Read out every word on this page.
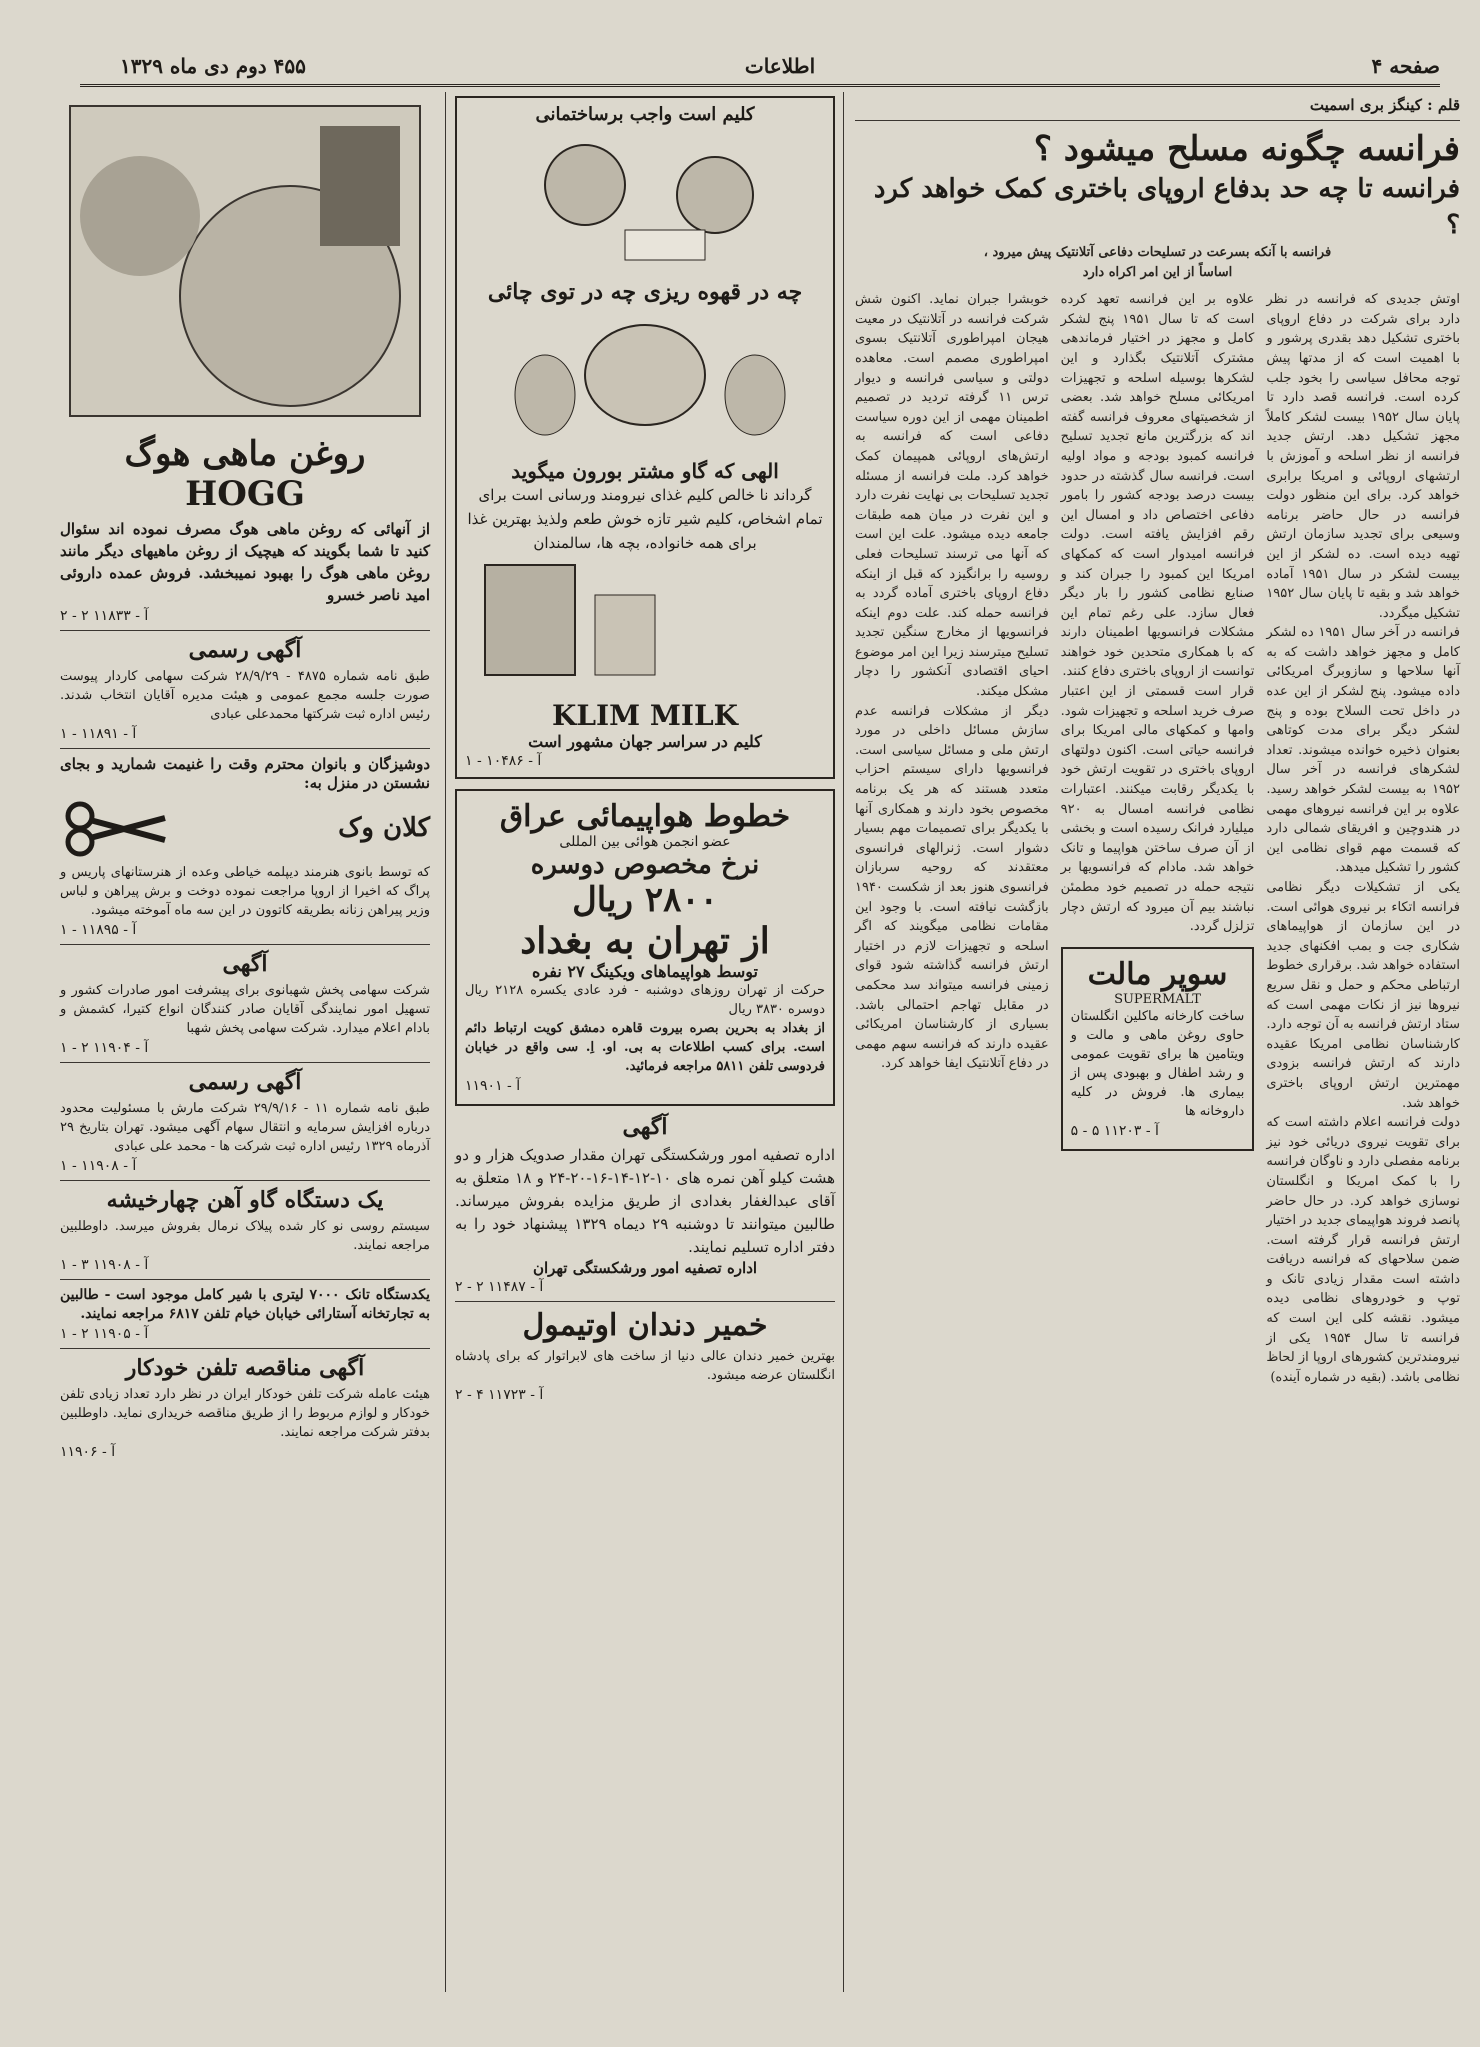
۴۵۵ دوم دی ماه ۱۳۲۹	اطلاعات	صفحه ۴
روغن ماهی هوگ HOGG
از آنهائی که روغن ماهی هوگ مصرف نموده اند سئوال کنید تا شما بگویند که هیچیک از روغن ماهیهای دیگر مانند روغن ماهی هوگ را بهبود نمیبخشد. فروش عمده داروئی امید ناصر خسرو
آ - ۱۱۸۳۳ ۲ - ۲
آگهی رسمی
طبق نامه شماره ۴۸۷۵ - ۲۸/۹/۲۹ شرکت سهامی کاردار پیوست صورت جلسه مجمع عمومی و هیئت مدیره آقایان انتخاب شدند. رئیس اداره ثبت شرکتها محمدعلی عبادی
آ - ۱۱۸۹۱ - ۱
دوشیزگان و بانوان محترم وقت را غنیمت شمارید و بجای نشستن در منزل به:
کلان وک
که توسط بانوی هنرمند دیپلمه خیاطی وعده از هنرستانهای پاریس و پراگ که اخیرا از اروپا مراجعت نموده دوخت و برش پیراهن و لباس وزیر پیراهن زنانه بطریقه کاتوون در این سه ماه آموخته میشود.
آ - ۱۱۸۹۵ - ۱
آگهی
شرکت سهامی پخش شهبانوی برای پیشرفت امور صادرات کشور و تسهیل امور نمایندگی آقایان صادر کنندگان انواع کتیرا، کشمش و بادام اعلام میدارد. شرکت سهامی پخش شهبا
آ - ۱۱۹۰۴ ۲ - ۱
آگهی رسمی
طبق نامه شماره ۱۱ - ۲۹/۹/۱۶ شرکت مارش با مسئولیت محدود درباره افزایش سرمایه و انتقال سهام آگهی میشود. تهران بتاریخ ۲۹ آذرماه ۱۳۲۹ رئیس اداره ثبت شرکت ها - محمد علی عبادی
آ - ۱۱۹۰۸ - ۱
یک دستگاه گاو آهن چهارخیشه
سیستم روسی نو کار شده پیلاک نرمال بفروش میرسد. داوطلبین مراجعه نمایند.
آ - ۱۱۹۰۸ ۳ - ۱
یکدستگاه تانک ۷۰۰۰ لیتری با شیر کامل موجود است - طالبین به تجارتخانه آستارائی خیابان خیام تلفن ۶۸۱۷ مراجعه نمایند.
آ - ۱۱۹۰۵ ۲ - ۱
آگهی مناقصه تلفن خودکار
هیئت عامله شرکت تلفن خودکار ایران در نظر دارد تعداد زیادی تلفن خودکار و لوازم مربوط را از طریق مناقصه خریداری نماید. داوطلبین بدفتر شرکت مراجعه نمایند.
آ - ۱۱۹۰۶
کلیم است واجب برساختمانی
چه در قهوه ریزی چه در توی چائی
الهی که گاو مشتر بورون میگوید
گرداند نا خالص کلیم غذای نیرومند ورسانی است برای تمام اشخاص، کلیم شیر تازه خوش طعم ولذیذ بهترین غذا برای همه خانواده، بچه ها، سالمندان
KLIM MILK
کلیم در سراسر جهان مشهور است
آ - ۱۰۴۸۶ - ۱
خطوط هواپیمائی عراق
عضو انجمن هوائی بین المللی
نرخ مخصوص دوسره
۲۸۰۰ ریال
از تهران به بغداد
توسط هواپیماهای ویکینگ ۲۷ نفره
حرکت از تهران روزهای دوشنبه - فرد عادی یکسره ۲۱۲۸ ریال دوسره ۳۸۳۰ ریال
از بغداد به بحرین بصره بیروت قاهره دمشق کویت ارتباط دائم است. برای کسب اطلاعات به بی. او. اِ. سی واقع در خیابان فردوسی تلفن ۵۸۱۱ مراجعه فرمائید.
آ - ۱۱۹۰۱
آگهی
اداره تصفیه امور ورشکستگی تهران مقدار صدویک هزار و دو هشت کیلو آهن نمره های ۱۰-۱۲-۱۴-۱۶-۲۰-۲۴ و ۱۸ متعلق به آقای عبدالغفار بغدادی از طریق مزایده بفروش میرساند. طالبین میتوانند تا دوشنبه ۲۹ دیماه ۱۳۲۹ پیشنهاد خود را به دفتر اداره تسلیم نمایند.
اداره تصفیه امور ورشکستگی تهران
آ - ۱۱۴۸۷ ۲ - ۲
خمیر دندان اوتیمول
بهترین خمیر دندان عالی دنیا از ساخت های لابراتوار که برای پادشاه انگلستان عرضه میشود.
آ - ۱۱۷۲۳ ۴ - ۲
قلم : کینگز بری اسمیت
فرانسه چگونه مسلح میشود ؟
فرانسه تا چه حد بدفاع اروپای باختری کمک خواهد کرد ؟

فرانسه با آنکه بسرعت در تسلیحات دفاعی آتلانتیک پیش میرود ،

اساساً از این امر اکراه دارد

اوتش جدیدی که فرانسه در نظر دارد برای شرکت در دفاع اروپای باختری تشکیل دهد بقدری پرشور و با اهمیت است که از مدتها پیش توجه محافل سیاسی را بخود جلب کرده است. فرانسه قصد دارد تا پایان سال ۱۹۵۲ بیست لشکر کاملاً مجهز تشکیل دهد. ارتش جدید فرانسه از نظر اسلحه و آموزش با ارتشهای اروپائی و امریکا برابری خواهد کرد. برای این منظور دولت فرانسه در حال حاضر برنامه وسیعی برای تجدید سازمان ارتش تهیه دیده است. ده لشکر از این بیست لشکر در سال ۱۹۵۱ آماده خواهد شد و بقیه تا پایان سال ۱۹۵۲ تشکیل میگردد.

فرانسه در آخر سال ۱۹۵۱ ده لشکر کامل و مجهز خواهد داشت که به آنها سلاحها و سازوبرگ امریکائی داده میشود. پنج لشکر از این عده در داخل تحت السلاح بوده و پنج لشکر دیگر برای مدت کوتاهی بعنوان ذخیره خوانده میشوند. تعداد لشکرهای فرانسه در آخر سال ۱۹۵۲ به بیست لشکر خواهد رسید. علاوه بر این فرانسه نیروهای مهمی در هندوچین و افریقای شمالی دارد که قسمت مهم قوای نظامی این کشور را تشکیل میدهد.

یکی از تشکیلات دیگر نظامی فرانسه اتکاء بر نیروی هوائی است. در این سازمان از هواپیماهای شکاری جت و بمب افکنهای جدید استفاده خواهد شد. برقراری خطوط ارتباطی محکم و حمل و نقل سریع نیروها نیز از نکات مهمی است که ستاد ارتش فرانسه به آن توجه دارد. کارشناسان نظامی امریکا عقیده دارند که ارتش فرانسه بزودی مهمترین ارتش اروپای باختری خواهد شد.

دولت فرانسه اعلام داشته است که برای تقویت نیروی دریائی خود نیز برنامه مفصلی دارد و ناوگان فرانسه را با کمک امریکا و انگلستان نوسازی خواهد کرد. در حال حاضر پانصد فروند هواپیمای جدید در اختیار ارتش فرانسه قرار گرفته است. ضمن سلاحهای که فرانسه دریافت داشته است مقدار زیادی تانک و توپ و خودروهای نظامی دیده میشود. نقشه کلی این است که فرانسه تا سال ۱۹۵۴ یکی از نیرومندترین کشورهای اروپا از لحاظ نظامی باشد. (بقیه در شماره آینده)

علاوه بر این فرانسه تعهد کرده است که تا سال ۱۹۵۱ پنج لشکر کامل و مجهز در اختیار فرماندهی مشترک آتلانتیک بگذارد و این لشکرها بوسیله اسلحه و تجهیزات امریکائی مسلح خواهد شد. بعضی از شخصیتهای معروف فرانسه گفته اند که بزرگترین مانع تجدید تسلیح فرانسه کمبود بودجه و مواد اولیه است. فرانسه سال گذشته در حدود بیست درصد بودجه کشور را بامور دفاعی اختصاص داد و امسال این رقم افزایش یافته است. دولت فرانسه امیدوار است که کمکهای امریکا این کمبود را جبران کند و صنایع نظامی کشور را بار دیگر فعال سازد. علی رغم تمام این مشکلات فرانسویها اطمینان دارند که با همکاری متحدین خود خواهند توانست از اروپای باختری دفاع کنند.

قرار است قسمتی از این اعتبار صرف خرید اسلحه و تجهیزات شود. وامها و کمکهای مالی امریکا برای فرانسه حیاتی است. اکنون دولتهای اروپای باختری در تقویت ارتش خود با یکدیگر رقابت میکنند. اعتبارات نظامی فرانسه امسال به ۹۲۰ میلیارد فرانک رسیده است و بخشی از آن صرف ساختن هواپیما و تانک خواهد شد. مادام که فرانسویها بر نتیجه حمله در تصمیم خود مطمئن نباشند بیم آن میرود که ارتش دچار تزلزل گردد.

سوپر مالت
SUPERMALT
ساخت کارخانه ماکلین انگلستان حاوی روغن ماهی و مالت و ویتامین ها برای تقویت عمومی و رشد اطفال و بهبودی پس از بیماری ها. فروش در کلیه داروخانه ها
آ - ۱۱۲۰۳ ۵ - ۵

خوبشرا جبران نماید. اکنون شش شرکت فرانسه در آتلانتیک در معیت هیجان امپراطوری آتلانتیک بسوی امپراطوری مصمم است. معاهده دولتی و سیاسی فرانسه و دیوار ترس ۱۱ گرفته تردید در تصمیم اطمینان مهمی از این دوره سیاست دفاعی است که فرانسه به ارتش‌های اروپائی همپیمان کمک خواهد کرد. ملت فرانسه از مسئله تجدید تسلیحات بی نهایت نفرت دارد و این نفرت در میان همه طبقات جامعه دیده میشود. علت این است که آنها می ترسند تسلیحات فعلی روسیه را برانگیزد که قبل از اینکه دفاع اروپای باختری آماده گردد به فرانسه حمله کند. علت دوم اینکه فرانسویها از مخارج سنگین تجدید تسلیح میترسند زیرا این امر موضوع احیای اقتصادی آنکشور را دچار مشکل میکند.

دیگر از مشکلات فرانسه عدم سازش مسائل داخلی در مورد ارتش ملی و مسائل سیاسی است. فرانسویها دارای سیستم احزاب متعدد هستند که هر یک برنامه مخصوص بخود دارند و همکاری آنها با یکدیگر برای تصمیمات مهم بسیار دشوار است. ژنرالهای فرانسوی معتقدند که روحیه سربازان فرانسوی هنوز بعد از شکست ۱۹۴۰ بازگشت نیافته است. با وجود این مقامات نظامی میگویند که اگر اسلحه و تجهیزات لازم در اختیار ارتش فرانسه گذاشته شود قوای زمینی فرانسه میتواند سد محکمی در مقابل تهاجم احتمالی باشد. بسیاری از کارشناسان امریکائی عقیده دارند که فرانسه سهم مهمی در دفاع آتلانتیک ایفا خواهد کرد.
